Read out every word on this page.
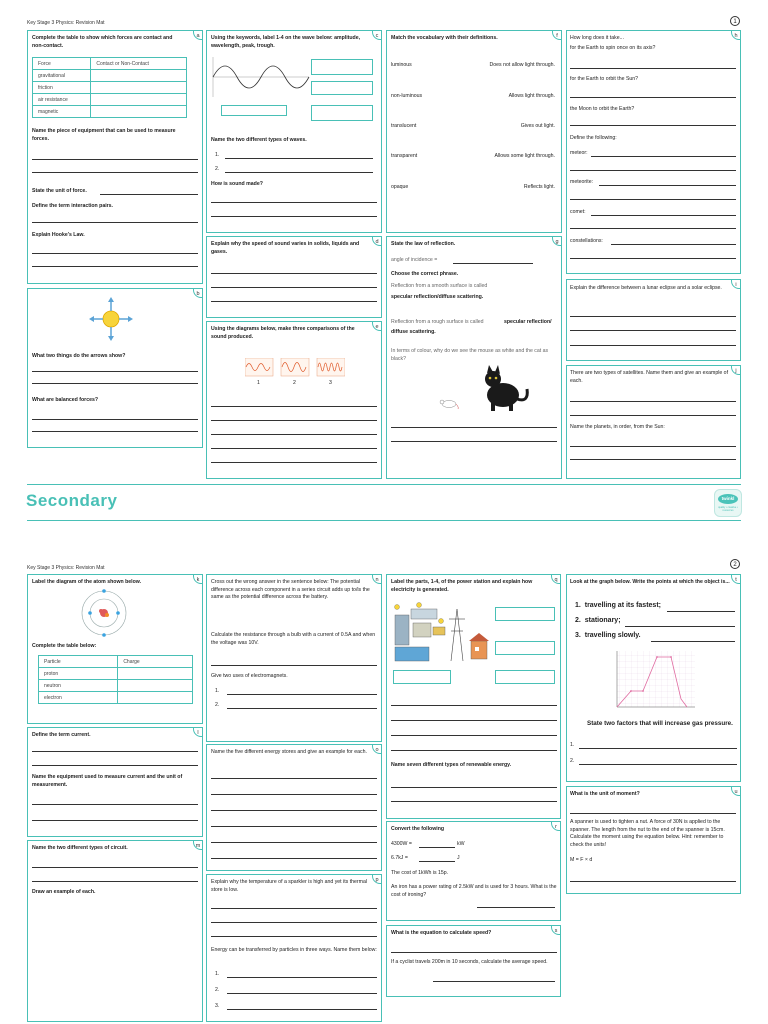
Key Stage 3 Physics: Revision Mat	1
a
Complete the table to show which forces are contact and non-contact.
Force	Contact or Non-Contact
gravitational	
friction	
air resistance	
magnetic	
Name the piece of equipment that can be used to measure forces.
State the unit of force.
Define the term interaction pairs.
Explain Hooke's Law.
b
What two things do the arrows show?
What are balanced forces?
c
Using the keywords, label 1-4 on the wave below: amplitude, wavelength, peak, trough.
Name the two different types of waves.
1.
2.
How is sound made?
d
Explain why the speed of sound varies in solids, liquids and gases.
e
Using the diagrams below, make three comparisons of the sound produced.
1	2	3
f
Match the vocabulary with their definitions.
luminous	Does not allow light through.
non-luminous	Allows light through.
translucent	Gives out light.
transparent	Allows some light through.
opaque	Reflects light.
g
State the law of reflection.
angle of incidence =
Choose the correct phrase.
Reflection from a smooth surface is called
specular reflection/diffuse scattering.
Reflection from a rough surface is called	specular reflection/
diffuse scattering.
In terms of colour, why do we see the mouse as white and the cat as black?
h
How long does it take...
for the Earth to spin once on its axis?
for the Earth to orbit the Sun?
the Moon to orbit the Earth?
Define the following:
meteor:
meteorite:
comet:
constellations:
i
Explain the difference between a lunar eclipse and a solar eclipse.
j
There are two types of satellites. Name them and give an example of each.
Name the planets, in order, from the Sun:
Secondary	twinkl
quality • creative • resources
Key Stage 3 Physics: Revision Mat	2
k
Label the diagram of the atom shown below.
Complete the table below:
Particle	Charge
proton	
neutron	
electron	
l
Define the term current.
Name the equipment used to measure current and the unit of measurement.
m
Name the two different types of circuit.
Draw an example of each.
n
Cross out the wrong answer in the sentence below: The potential difference across each component in a series circuit adds up to/is the same as the potential difference across the battery.
Calculate the resistance through a bulb with a current of 0.5A and when the voltage was 10V.
Give two uses of electromagnets.
1.
2.
o
Name the five different energy stores and give an example for each.
p
Explain why the temperature of a sparkler is high and yet its thermal store is low.
Energy can be transferred by particles in three ways. Name them below:
1.
2.
3.
q
Label the parts, 1-4, of the power station and explain how electricity is generated.
Name seven different types of renewable energy.
r
Convert the following
4300W =	kW
6.7kJ =	J
The cost of 1kWh is 15p.
An iron has a power rating of 2.5kW and is used for 3 hours. What is the cost of ironing?
s
What is the equation to calculate speed?
If a cyclist travels 200m in 10 seconds, calculate the average speed.
t
Look at the graph below. Write the points at which the object is...
1.  travelling at its fastest;
2.  stationary;
3.  travelling slowly.
State two factors that will increase gas pressure.
1.
2.
u
What is the unit of moment?
A spanner is used to tighten a nut. A force of 30N is applied to the spanner. The length from the nut to the end of the spanner is 15cm. Calculate the moment using the equation below. Hint: remember to check the units!
M = F × d
